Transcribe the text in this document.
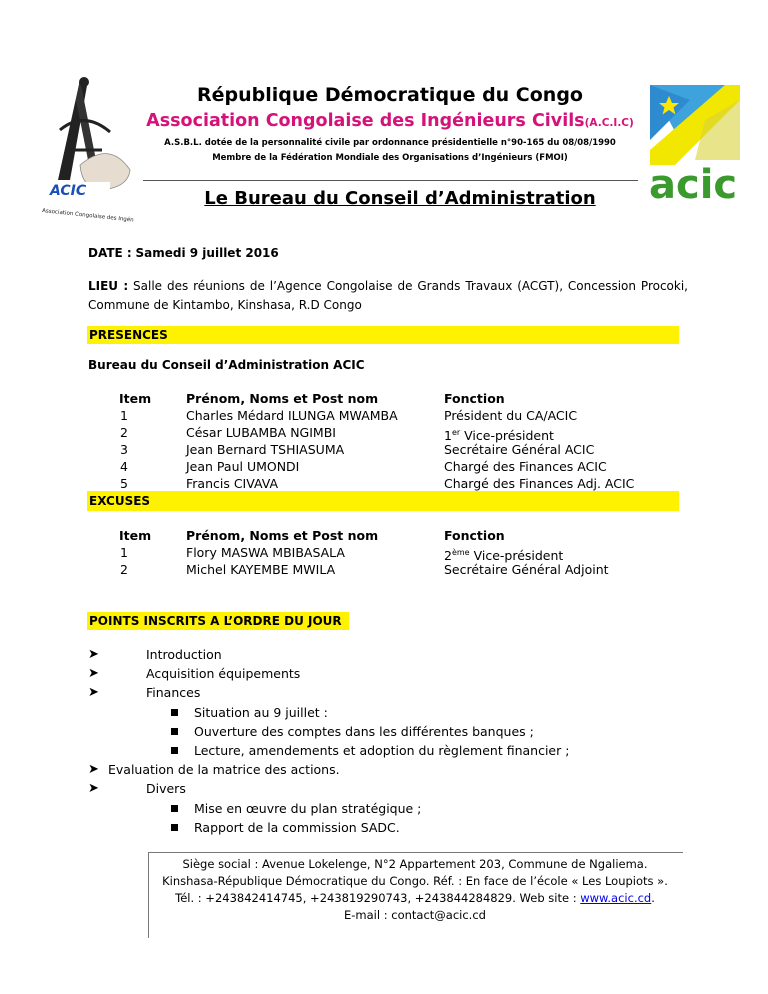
ACIC
Association Congolaise des Ingén
acic
République Démocratique du Congo
Association Congolaise des Ingénieurs Civils(A.C.I.C)
A.S.B.L. dotée de la personnalité civile par ordonnance présidentielle n°90-165 du 08/08/1990
Membre de la Fédération Mondiale des Organisations d’Ingénieurs (FMOI)
Le Bureau du Conseil d’Administration
DATE : Samedi 9 juillet 2016
LIEU : Salle des réunions de l’Agence Congolaise de Grands Travaux (ACGT), Concession Procoki, Commune de Kintambo, Kinshasa, R.D Congo
PRESENCES
Bureau du Conseil d’Administration ACIC
Item	Prénom, Noms et Post nom	Fonction
1	Charles Médard ILUNGA MWAMBA	Président du CA/ACIC
2	César LUBAMBA NGIMBI	1er Vice-président
3	Jean Bernard TSHIASUMA	Secrétaire Général ACIC
4	Jean Paul UMONDI	Chargé des Finances ACIC
5	Francis CIVAVA	Chargé des Finances Adj. ACIC
EXCUSES
Item	Prénom, Noms et Post nom	Fonction
1	Flory MASWA MBIBASALA	2ème Vice-président
2	Michel KAYEMBE MWILA	Secrétaire Général Adjoint
POINTS INSCRITS A L’ORDRE DU JOUR
➤	Introduction
➤	Acquisition équipements
➤	Finances
Situation au 9 juillet :
Ouverture des comptes dans les différentes banques ;
Lecture, amendements et adoption du règlement financier ;
➤ Evaluation de la matrice des actions.
➤	Divers
Mise en œuvre du plan stratégique ;
Rapport de la commission SADC.
Siège social : Avenue Lokelenge, N°2 Appartement 203, Commune de Ngaliema.
Kinshasa-République Démocratique du Congo. Réf. : En face de l’école « Les Loupiots ».
Tél. : +243842414745, +243819290743, +243844284829. Web site : www.acic.cd.
E-mail : contact@acic.cd
